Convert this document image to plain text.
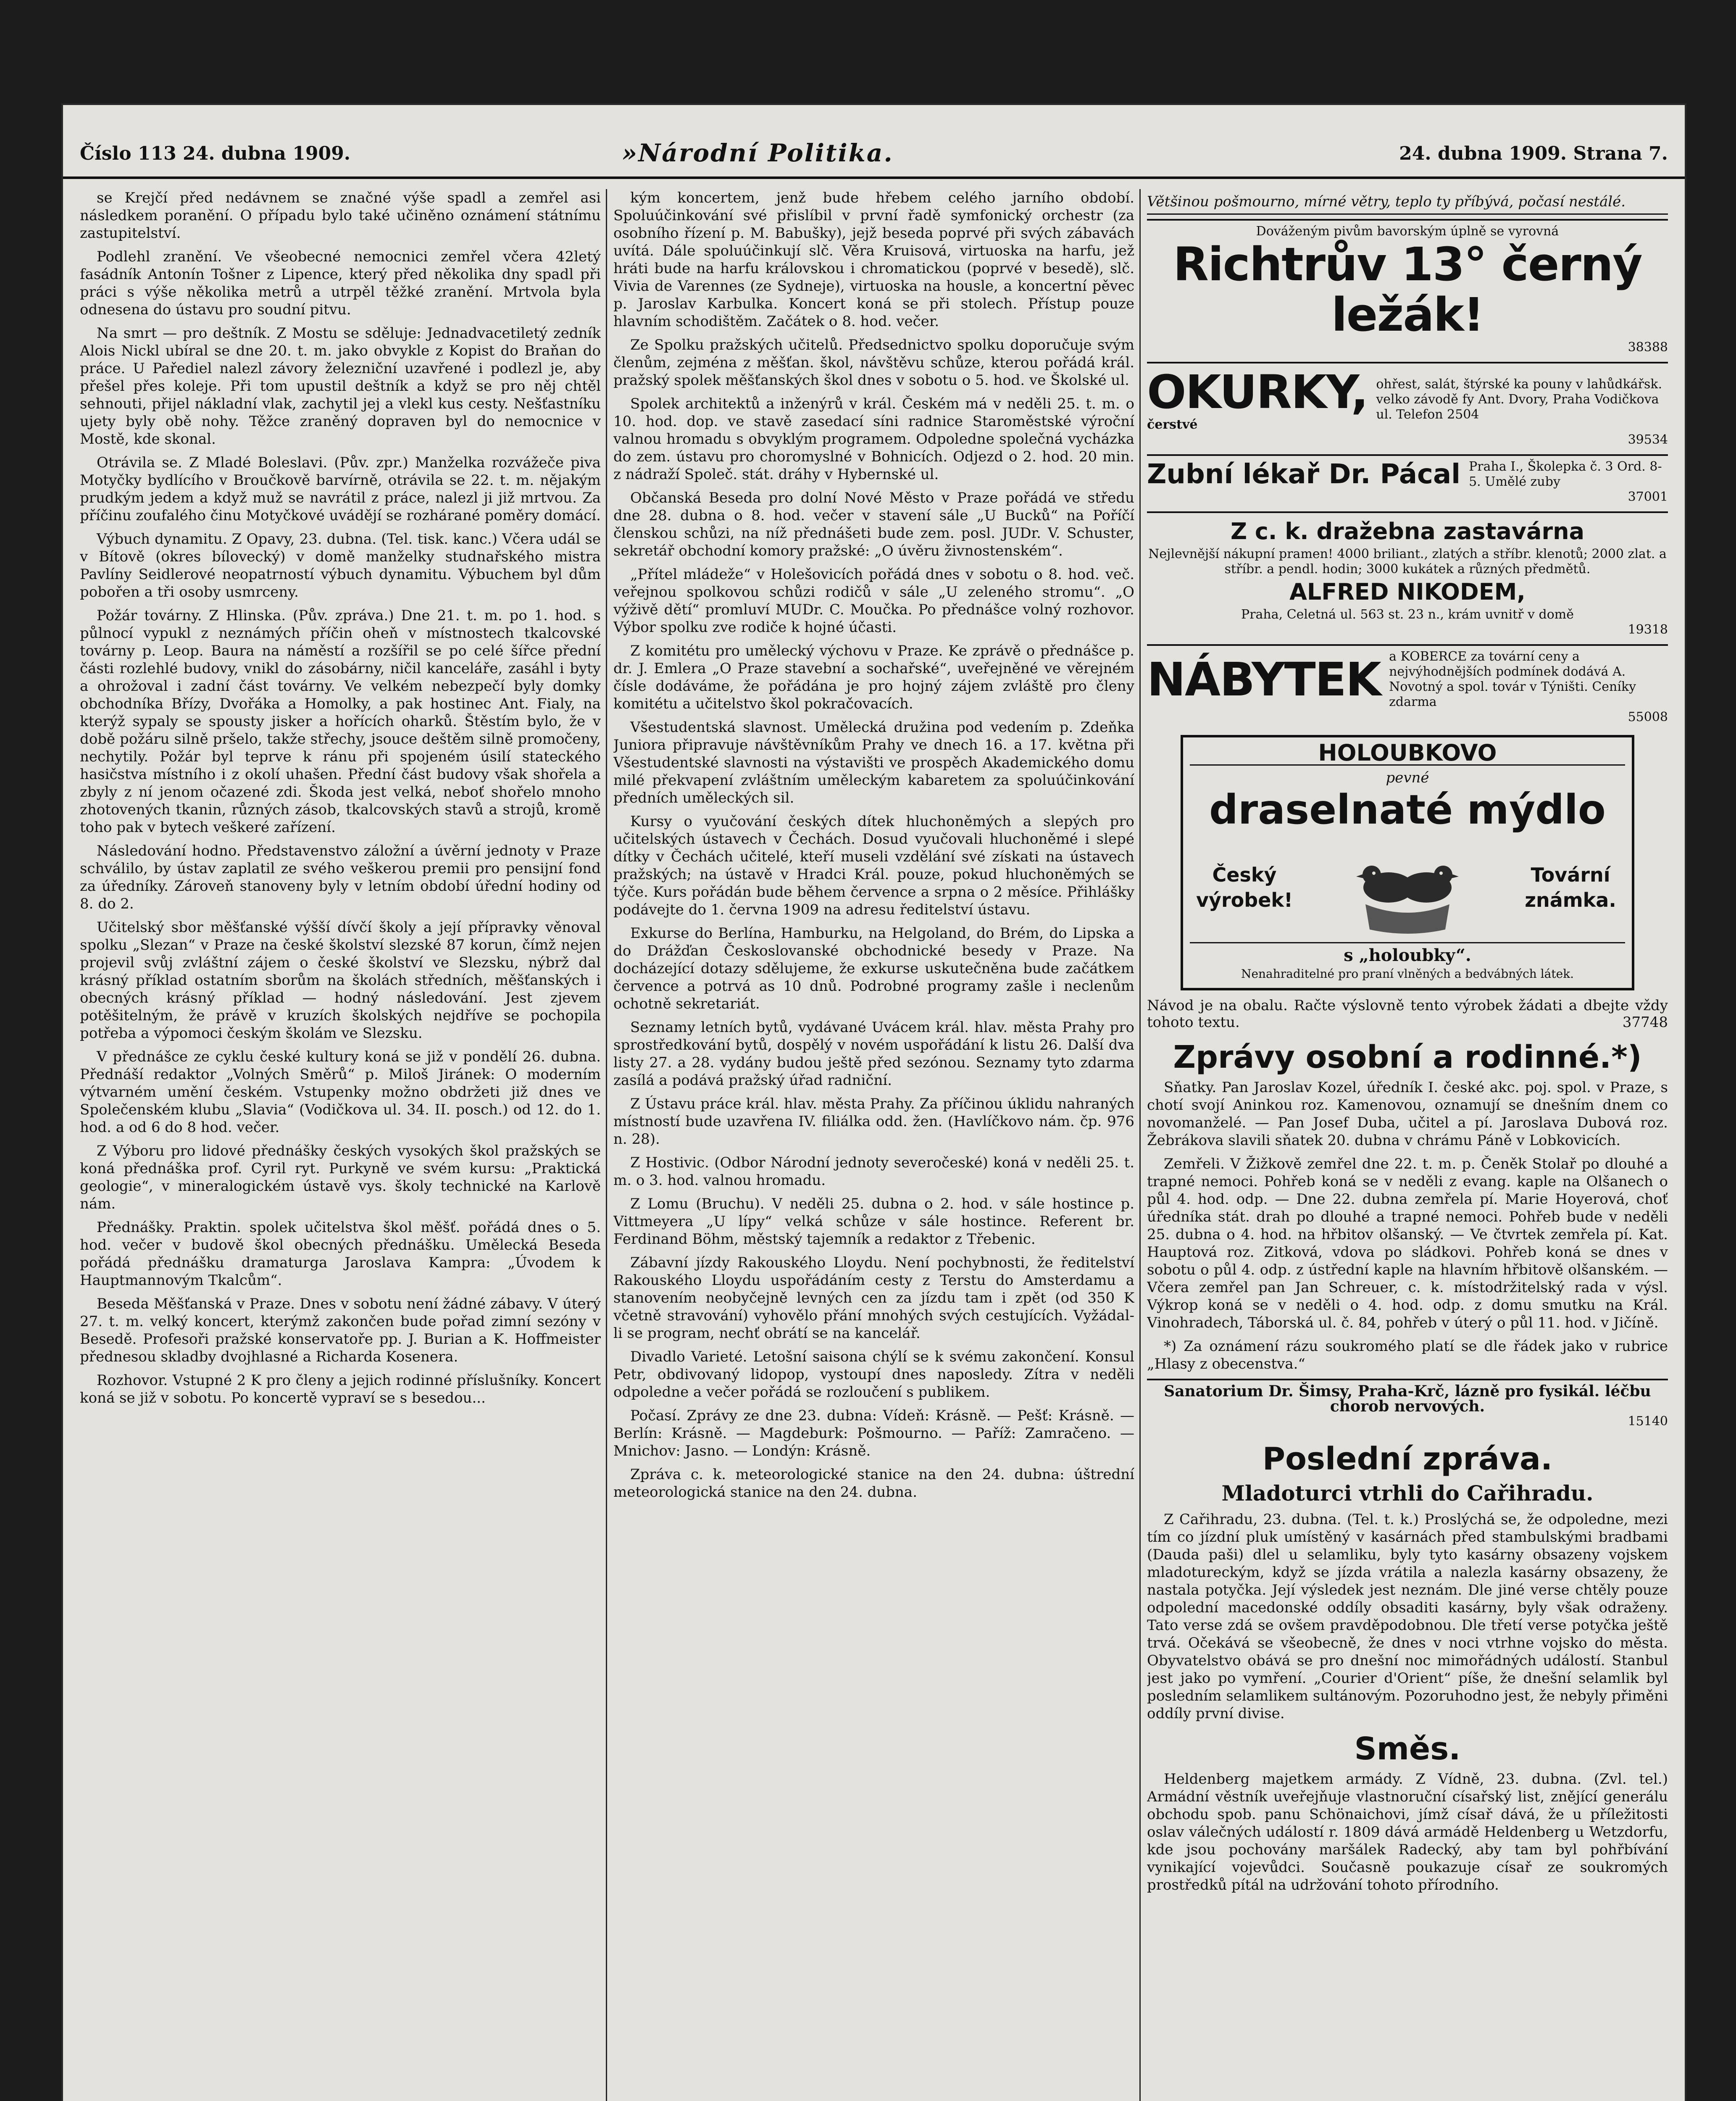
Číslo 113 24. dubna 1909.	»Národní Politika.	24. dubna 1909. Strana 7.

se Krejčí před nedávnem se značné výše spadl a zemřel asi následkem poranění. O případu bylo také učiněno oznámení státnímu zastupitelství.

Podlehl zranění. Ve všeobecné nemocnici zemřel včera 42letý fasádník Antonín Tošner z Lipence, který před několika dny spadl při práci s výše několika metrů a utrpěl těžké zranění. Mrtvola byla odnesena do ústavu pro soudní pitvu.

Na smrt — pro deštník. Z Mostu se sděluje: Jednadvacetiletý zedník Alois Nickl ubíral se dne 20. t. m. jako obvykle z Kopist do Braňan do práce. U Pařediel nalezl závory železniční uzavřené i podlezl je, aby přešel přes koleje. Při tom upustil deštník a když se pro něj chtěl sehnouti, přijel nákladní vlak, zachytil jej a vlekl kus cesty. Nešťastníku ujety byly obě nohy. Těžce zraněný dopraven byl do nemocnice v Mostě, kde skonal.

Otrávila se. Z Mladé Boleslavi. (Pův. zpr.) Manželka rozvážeče piva Motyčky bydlícího v Broučkově barvírně, otrávila se 22. t. m. nějakým prudkým jedem a když muž se navrátil z práce, nalezl ji již mrtvou. Za příčinu zoufalého činu Motyčkové uvádějí se rozhárané poměry domácí.

Výbuch dynamitu. Z Opavy, 23. dubna. (Tel. tisk. kanc.) Včera udál se v Bítově (okres bílovecký) v domě manželky studnařského mistra Pavlíny Seidlerové neopatrností výbuch dynamitu. Výbuchem byl dům pobořen a tři osoby usmrceny.

Požár továrny. Z Hlinska. (Pův. zpráva.) Dne 21. t. m. po 1. hod. s půlnocí vypukl z neznámých příčin oheň v místnostech tkalcovské továrny p. Leop. Baura na náměstí a rozšířil se po celé šířce přední části rozlehlé budovy, vnikl do zásobárny, ničil kanceláře, zasáhl i byty a ohrožoval i zadní část továrny. Ve velkém nebezpečí byly domky obchodníka Břízy, Dvořáka a Homolky, a pak hostinec Ant. Fialy, na kterýž sypaly se spousty jisker a hořících oharků. Štěstím bylo, že v době požáru silně pršelo, takže střechy, jsouce deštěm silně promočeny, nechytily. Požár byl teprve k ránu při spojeném úsilí stateckého hasičstva místního i z okolí uhašen. Přední část budovy však shořela a zbyly z ní jenom očazené zdi. Škoda jest velká, neboť shořelo mnoho zhotovených tkanin, různých zásob, tkalcovských stavů a strojů, kromě toho pak v bytech veškeré zařízení.

Následování hodno. Představenstvo záložní a úvěrní jednoty v Praze schválilo, by ústav zaplatil ze svého veškerou premii pro pensijní fond za úředníky. Zároveň stanoveny byly v letním období úřední hodiny od 8. do 2.

Učitelský sbor měšťanské výšší dívčí školy a její přípravky věnoval spolku „Slezan“ v Praze na české školství slezské 87 korun, čímž nejen projevil svůj zvláštní zájem o české školství ve Slezsku, nýbrž dal krásný příklad ostatním sborům na školách středních, měšťanských i obecných krásný příklad — hodný následování. Jest zjevem potěšitelným, že právě v kruzích školských nejdříve se pochopila potřeba a výpomoci českým školám ve Slezsku.

V přednášce ze cyklu české kultury koná se již v pondělí 26. dubna. Přednáší redaktor „Volných Směrů“ p. Miloš Jiránek: O moderním výtvarném umění českém. Vstupenky možno obdržeti již dnes ve Společenském klubu „Slavia“ (Vodičkova ul. 34. II. posch.) od 12. do 1. hod. a od 6 do 8 hod. večer.

Z Výboru pro lidové přednášky českých vysokých škol pražských se koná přednáška prof. Cyril ryt. Purkyně ve svém kursu: „Praktická geologie“, v mineralogickém ústavě vys. školy technické na Karlově nám.

Přednášky. Praktin. spolek učitelstva škol měšť. pořádá dnes o 5. hod. večer v budově škol obecných přednášku. Umělecká Beseda pořádá přednášku dramaturga Jaroslava Kampra: „Úvodem k Hauptmannovým Tkalcům“.

Beseda Měšťanská v Praze. Dnes v sobotu není žádné zábavy. V úterý 27. t. m. velký koncert, kterýmž zakončen bude pořad zimní sezóny v Besedě. Profesoři pražské konservatoře pp. J. Burian a K. Hoffmeister přednesou skladby dvojhlasné a Richarda Kosenera.

Rozhovor. Vstupné 2 K pro členy a jejich rodinné příslušníky. Koncert koná se již v sobotu. Po koncertě vypraví se s besedou...

kým koncertem, jenž bude hřebem celého jarního období. Spoluúčinkování své přislíbil v první řadě symfonický orchestr (za osobního řízení p. M. Babušky), jejž beseda poprvé při svých zábavách uvítá. Dále spoluúčinkují slč. Věra Kruisová, virtuoska na harfu, jež hráti bude na harfu královskou i chromatickou (poprvé v besedě), slč. Vivia de Varennes (ze Sydneje), virtuoska na housle, a koncertní pěvec p. Jaroslav Karbulka. Koncert koná se při stolech. Přístup pouze hlavním schodištěm. Začátek o 8. hod. večer.

Ze Spolku pražských učitelů. Předsednictvo spolku doporučuje svým členům, zejména z měšťan. škol, návštěvu schůze, kterou pořádá král. pražský spolek měšťanských škol dnes v sobotu o 5. hod. ve Školské ul.

Spolek architektů a inženýrů v král. Českém má v neděli 25. t. m. o 10. hod. dop. ve stavě zasedací síni radnice Staroměstské výroční valnou hromadu s obvyklým programem. Odpoledne společná vycházka do zem. ústavu pro choromyslné v Bohnicích. Odjezd o 2. hod. 20 min. z nádraží Společ. stát. dráhy v Hybernské ul.

Občanská Beseda pro dolní Nové Město v Praze pořádá ve středu dne 28. dubna o 8. hod. večer v stavení sále „U Bucků“ na Poříčí členskou schůzi, na níž přednášeti bude zem. posl. JUDr. V. Schuster, sekretář obchodní komory pražské: „O úvěru živnostenském“.

„Přítel mládeže“ v Holešovicích pořádá dnes v sobotu o 8. hod. več. veřejnou spolkovou schůzi rodičů v sále „U zeleného stromu“. „O výživě dětí“ promluví MUDr. C. Moučka. Po přednášce volný rozhovor. Výbor spolku zve rodiče k hojné účasti.

Z komitétu pro umělecký výchovu v Praze. Ke zprávě o přednášce p. dr. J. Emlera „O Praze stavební a sochařské“, uveřejněné ve věrejném čísle dodáváme, že pořádána je pro hojný zájem zvláště pro členy komitétu a učitelstvo škol pokračovacích.

Všestudentská slavnost. Umělecká družina pod vedením p. Zdeňka Juniora připravuje návštěvníkům Prahy ve dnech 16. a 17. května při Všestudentské slavnosti na výstavišti ve prospěch Akademického domu milé překvapení zvláštním uměleckým kabaretem za spoluúčinkování předních uměleckých sil.

Kursy o vyučování českých dítek hluchoněmých a slepých pro učitelských ústavech v Čechách. Dosud vyučovali hluchoněmé i slepé dítky v Čechách učitelé, kteří museli vzdělání své získati na ústavech pražských; na ústavě v Hradci Král. pouze, pokud hluchoněmých se týče. Kurs pořádán bude během července a srpna o 2 měsíce. Přihlášky podávejte do 1. června 1909 na adresu ředitelství ústavu.

Exkurse do Berlína, Hamburku, na Helgoland, do Brém, do Lipska a do Drážďan Českoslovanské obchodnické besedy v Praze. Na docházející dotazy sdělujeme, že exkurse uskutečněna bude začátkem července a potrvá as 10 dnů. Podrobné programy zašle i neclenům ochotně sekretariát.

Seznamy letních bytů, vydávané Uvácem král. hlav. města Prahy pro sprostředkování bytů, dospělý v novém uspořádání k listu 26. Další dva listy 27. a 28. vydány budou ještě před sezónou. Seznamy tyto zdarma zasílá a podává pražský úřad radniční.

Z Ústavu práce král. hlav. města Prahy. Za příčinou úklidu nahraných místností bude uzavřena IV. filiálka odd. žen. (Havlíčkovo nám. čp. 976 n. 28).

Z Hostivic. (Odbor Národní jednoty severočeské) koná v neděli 25. t. m. o 3. hod. valnou hromadu.

Z Lomu (Bruchu). V neděli 25. dubna o 2. hod. v sále hostince p. Vittmeyera „U lípy“ velká schůze v sále hostince. Referent br. Ferdinand Böhm, městský tajemník a redaktor z Třebenic.

Zábavní jízdy Rakouského Lloydu. Není pochybnosti, že ředitelství Rakouského Lloydu uspořádáním cesty z Terstu do Amsterdamu a stanovením neobyčejně levných cen za jízdu tam i zpět (od 350 K včetně stravování) vyhovělo přání mnohých svých cestujících. Vyžádal-li se program, nechť obrátí se na kancelář.

Divadlo Varieté. Letošní saisona chýlí se k svému zakončení. Konsul Petr, obdivovaný lidopop, vystoupí dnes naposledy. Zítra v neděli odpoledne a večer pořádá se rozloučení s publikem.

Počasí. Zprávy ze dne 23. dubna: Vídeň: Krásně. — Pešť: Krásně. — Berlín: Krásně. — Magdeburk: Pošmourno. — Paříž: Zamračeno. — Mnichov: Jasno. — Londýn: Krásně.

Zpráva c. k. meteorologické stanice na den 24. dubna: úštrední meteorologická stanice na den 24. dubna.

Většinou pošmourno, mírné větry, teplo ty příbývá, počasí nestálé.
Dováženým pivům bavorským úplně se vyrovná
Richtrův 13° černý ležák!
38388
OKURKY,
čerstvé
ohřest, salát, štýrské ka pouny v lahůdkářsk. velko závodě fy Ant. Dvory, Praha Vodičkova ul. Telefon 2504
39534
Zubní lékař Dr. Pácal Praha I., Školepka č. 3 Ord. 8-5. Umělé zuby
37001
Z c. k. dražebna zastavárna
Nejlevnější nákupní pramen! 4000 briliant., zlatých a stříbr. klenotů; 2000 zlat. a stříbr. a pendl. hodin; 3000 kukátek a různých předmětů.
ALFRED NIKODEM,
Praha, Celetná ul. 563 st. 23 n., krám uvnitř v domě
19318
NÁBYTEK a KOBERCE za tovární ceny a nejvýhodnějších podmínek dodává A. Novotný a spol. továr v Týništi. Ceníky zdarma
55008
HOLOUBKOVO
pevné
draselnaté mýdlo
Český výrobek!
Tovární známka.
s „holoubky“.
Nenahraditelné pro praní vlněných a bedvábných látek.
Návod je na obalu. Račte výslovně tento výrobek žádati a dbejte vždy tohoto textu.	37748
Zprávy osobní a rodinné.*)

Sňatky. Pan Jaroslav Kozel, úředník I. české akc. poj. spol. v Praze, s chotí svojí Aninkou roz. Kamenovou, oznamují se dnešním dnem co novomanželé. — Pan Josef Duba, učitel a pí. Jaroslava Dubová roz. Žebrákova slavili sňatek 20. dubna v chrámu Páně v Lobkovicích.

Zemřeli. V Žižkově zemřel dne 22. t. m. p. Čeněk Stolař po dlouhé a trapné nemoci. Pohřeb koná se v neděli z evang. kaple na Olšanech o půl 4. hod. odp. — Dne 22. dubna zemřela pí. Marie Hoyerová, choť úředníka stát. drah po dlouhé a trapné nemoci. Pohřeb bude v neděli 25. dubna o 4. hod. na hřbitov olšanský. — Ve čtvrtek zemřela pí. Kat. Hauptová roz. Zitková, vdova po sládkovi. Pohřeb koná se dnes v sobotu o půl 4. odp. z ústřední kaple na hlavním hřbitově olšanském. — Včera zemřel pan Jan Schreuer, c. k. místodržitelský rada v výsl. Výkrop koná se v neděli o 4. hod. odp. z domu smutku na Král. Vinohradech, Táborská ul. č. 84, pohřeb v úterý o půl 11. hod. v Jičíně.

*) Za oznámení rázu soukromého platí se dle řádek jako v rubrice „Hlasy z obecenstva.“

Sanatorium Dr. Šimsy, Praha-Krč, lázně pro fysikál. léčbu chorob nervových.
15140
Poslední zpráva.
Mladoturci vtrhli do Cařihradu.

Z Cařihradu, 23. dubna. (Tel. t. k.) Proslýchá se, že odpoledne, mezi tím co jízdní pluk umístěný v kasárnách před stambulskými bradbami (Dauda paši) dlel u selamliku, byly tyto kasárny obsazeny vojskem mladotureckým, když se jízda vrátila a nalezla kasárny obsazeny, že nastala potyčka. Její výsledek jest neznám. Dle jiné verse chtěly pouze odpolední macedonské oddíly obsaditi kasárny, byly však odraženy. Tato verse zdá se ovšem pravděpodobnou. Dle třetí verse potyčka ještě trvá. Očekává se všeobecně, že dnes v noci vtrhne vojsko do města. Obyvatelstvo obává se pro dnešní noc mimořádných událostí. Stanbul jest jako po vymření. „Courier d'Orient“ píše, že dnešní selamlik byl posledním selamlikem sultánovým. Pozoruhodno jest, že nebyly přiměni oddíly první divise.

Směs.

Heldenberg majetkem armády. Z Vídně, 23. dubna. (Zvl. tel.) Armádní věstník uveřejňuje vlastnoruční císařský list, znějící generálu obchodu spob. panu Schönaichovi, jímž císař dává, že u příležitosti oslav válečných událostí r. 1809 dává armádě Heldenberg u Wetzdorfu, kde jsou pochovány maršálek Radecký, aby tam byl pohřbívání vynikající vojevůdci. Současně poukazuje císař ze soukromých prostředků pítál na udržování tohoto přírodního.
